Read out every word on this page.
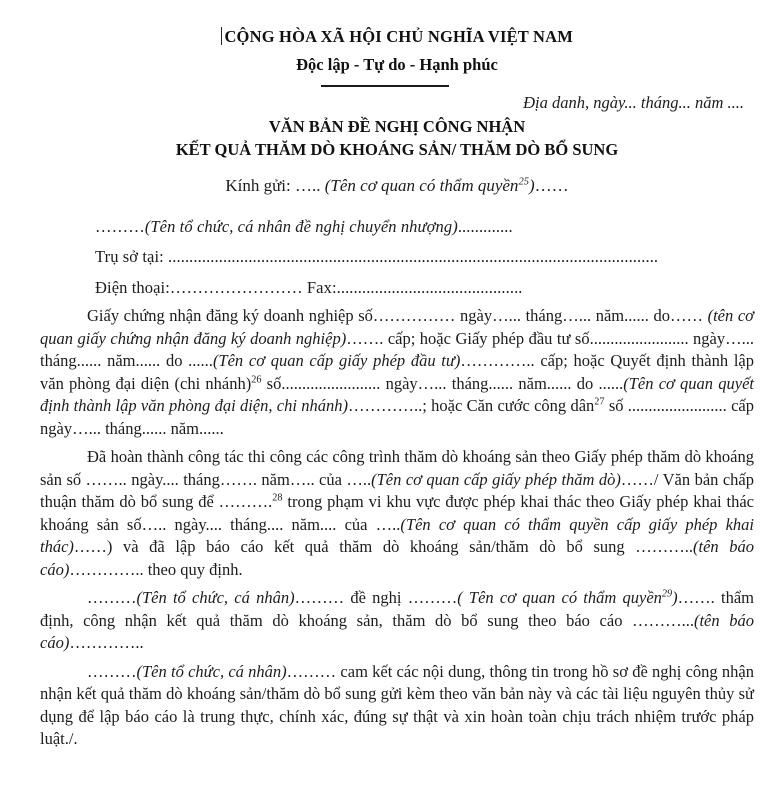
CỘNG HÒA XÃ HỘI CHỦ NGHĨA VIỆT NAM

Độc lập - Tự do - Hạnh phúc

Địa danh, ngày... tháng... năm ....

VĂN BẢN ĐỀ NGHỊ CÔNG NHẬN

KẾT QUẢ THĂM DÒ KHOÁNG SẢN/ THĂM DÒ BỔ SUNG

Kính gửi: ….. (Tên cơ quan có thẩm quyền$^{25}$)……

………(Tên tổ chức, cá nhân đề nghị chuyển nhượng).............

Trụ sở tại: ....................................................................................................................

Điện thoại:…………………… Fax:............................................

Giấy chứng nhận đăng ký doanh nghiệp số…………… ngày…... tháng…... năm...... do…… (tên cơ quan giấy chứng nhận đăng ký doanh nghiệp)……. cấp; hoặc Giấy phép đầu tư số........................ ngày…... tháng...... năm...... do ......(Tên cơ quan cấp giấy phép đầu tư)………….. cấp; hoặc Quyết định thành lập văn phòng đại diện (chi nhánh)$^{26}$ số........................ ngày…... tháng...... năm...... do ......(Tên cơ quan quyết định thành lập văn phòng đại diện, chi nhánh)…………..; hoặc Căn cước công dân$^{27}$ số ........................ cấp ngày…... tháng...... năm......

Đã hoàn thành công tác thi công các công trình thăm dò khoáng sản theo Giấy phép thăm dò khoáng sản số …….. ngày.... tháng……. năm….. của …..(Tên cơ quan cấp giấy phép thăm dò)……/ Văn bản chấp thuận thăm dò bổ sung để ……….$^{28}$ trong phạm vi khu vực được phép khai thác theo Giấy phép khai thác khoáng sản số….. ngày.... tháng.... năm.... của …..(Tên cơ quan có thẩm quyền cấp giấy phép khai thác)……) và đã lập báo cáo kết quả thăm dò khoáng sản/thăm dò bổ sung ………..(tên báo cáo)………….. theo quy định.

………(Tên tổ chức, cá nhân)……… đề nghị ………( Tên cơ quan có thẩm quyền$^{29}$)……. thẩm định, công nhận kết quả thăm dò khoáng sản, thăm dò bổ sung theo báo cáo ………...(tên báo cáo)…………..

………(Tên tổ chức, cá nhân)……… cam kết các nội dung, thông tin trong hồ sơ đề nghị công nhận nhận kết quả thăm dò khoáng sản/thăm dò bổ sung gửi kèm theo văn bản này và các tài liệu nguyên thủy sử dụng để lập báo cáo là trung thực, chính xác, đúng sự thật và xin hoàn toàn chịu trách nhiệm trước pháp luật./.
